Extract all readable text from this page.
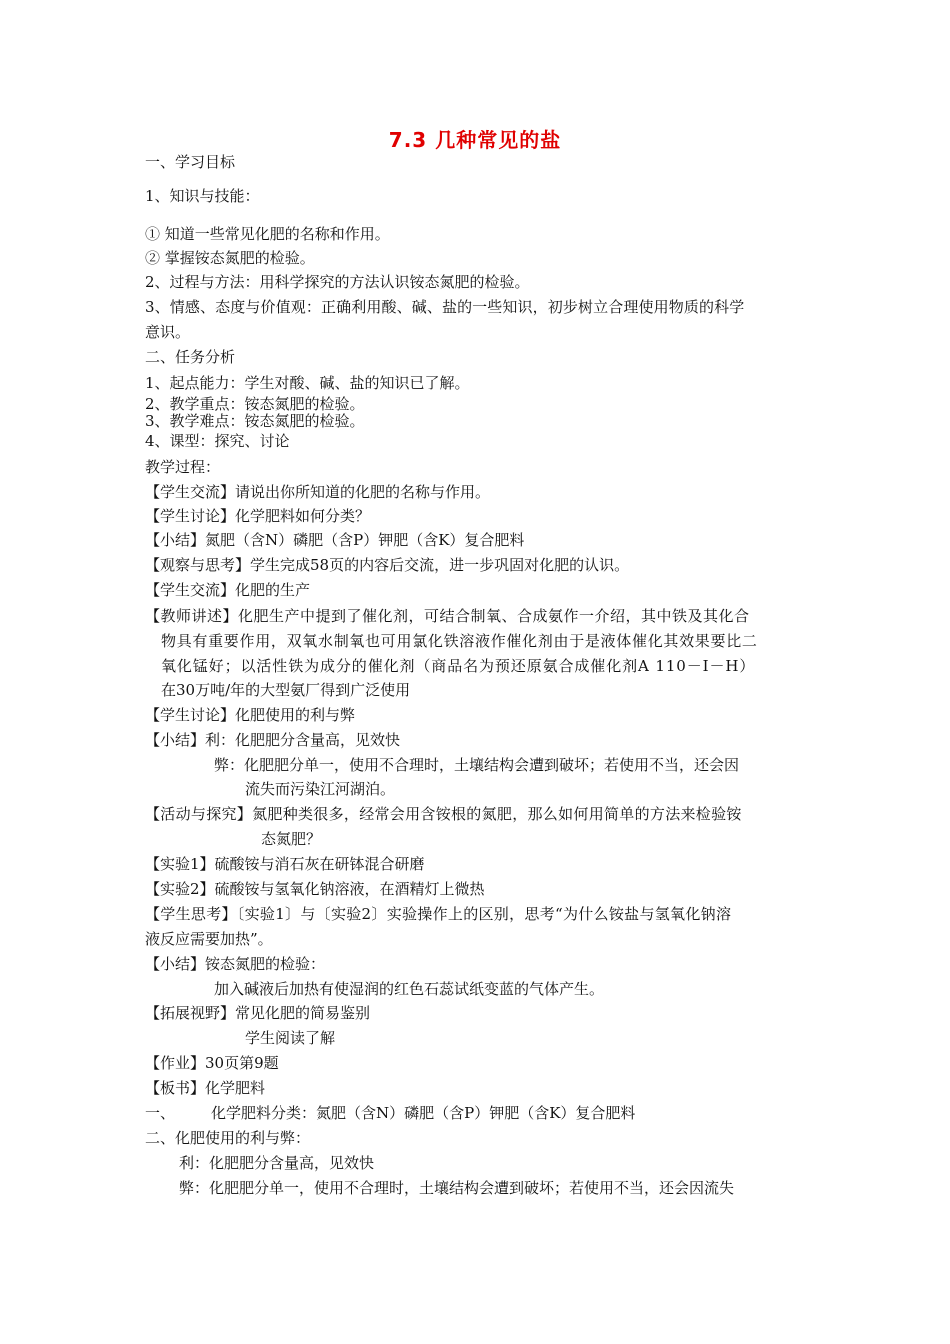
7.3 几种常见的盐
一、学习目标
1、知识与技能：
① 知道一些常见化肥的名称和作用。
② 掌握铵态氮肥的检验。
2、过程与方法：用科学探究的方法认识铵态氮肥的检验。
3、情感、态度与价值观：正确利用酸、碱、盐的一些知识，初步树立合理使用物质的科学
意识。
二、任务分析
1、起点能力：学生对酸、碱、盐的知识已了解。
2、教学重点：铵态氮肥的检验。
3、教学难点：铵态氮肥的检验。
4、课型：探究、讨论
教学过程：
【学生交流】请说出你所知道的化肥的名称与作用。
【学生讨论】化学肥料如何分类？
【小结】氮肥（含N）磷肥（含P）钾肥（含K）复合肥料
【观察与思考】学生完成58页的内容后交流，进一步巩固对化肥的认识。
【学生交流】化肥的生产
【教师讲述】化肥生产中提到了催化剂，可结合制氧、合成氨作一介绍，其中铁及其化合
物具有重要作用，双氧水制氧也可用氯化铁溶液作催化剂由于是液体催化其效果要比二
氧化锰好；以活性铁为成分的催化剂（商品名为预还原氨合成催化剂A 110－Ⅰ－H）
在30万吨/年的大型氨厂得到广泛使用
【学生讨论】化肥使用的利与弊
【小结】利：化肥肥分含量高，见效快
弊：化肥肥分单一，使用不合理时，土壤结构会遭到破坏；若使用不当，还会因
流失而污染江河湖泊。
【活动与探究】氮肥种类很多，经常会用含铵根的氮肥，那么如何用简单的方法来检验铵
态氮肥？
【实验1】硫酸铵与消石灰在研钵混合研磨
【实验2】硫酸铵与氢氧化钠溶液，在酒精灯上微热
【学生思考】〔实验1〕与〔实验2〕实验操作上的区别，思考“为什么铵盐与氢氧化钠溶
液反应需要加热”。
【小结】铵态氮肥的检验：
加入碱液后加热有使湿润的红色石蕊试纸变蓝的气体产生。
【拓展视野】常见化肥的简易鉴别
学生阅读了解
【作业】30页第9题
【板书】化学肥料
一、 化学肥料分类：氮肥（含N）磷肥（含P）钾肥（含K）复合肥料
二、化肥使用的利与弊：
利：化肥肥分含量高，见效快
弊：化肥肥分单一，使用不合理时，土壤结构会遭到破坏；若使用不当，还会因流失
